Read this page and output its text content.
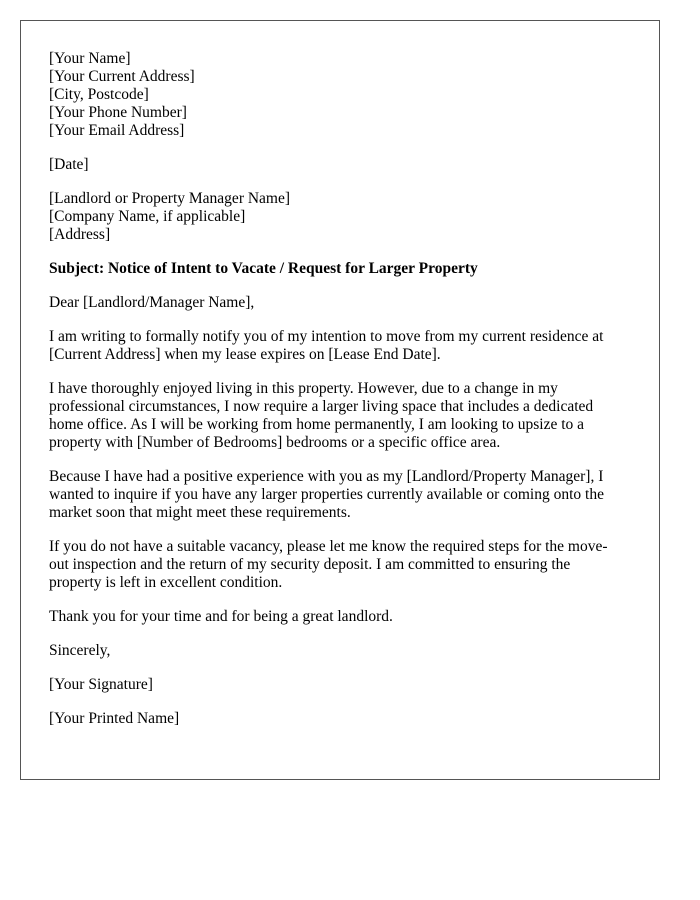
[Your Name]
[Your Current Address]
[City, Postcode]
[Your Phone Number]
[Your Email Address]
[Date]
[Landlord or Property Manager Name]
[Company Name, if applicable]
[Address]
Subject: Notice of Intent to Vacate / Request for Larger Property
Dear [Landlord/Manager Name],
I am writing to formally notify you of my intention to move from my current residence at
[Current Address] when my lease expires on [Lease End Date].
I have thoroughly enjoyed living in this property. However, due to a change in my
professional circumstances, I now require a larger living space that includes a dedicated
home office. As I will be working from home permanently, I am looking to upsize to a
property with [Number of Bedrooms] bedrooms or a specific office area.
Because I have had a positive experience with you as my [Landlord/Property Manager], I
wanted to inquire if you have any larger properties currently available or coming onto the
market soon that might meet these requirements.
If you do not have a suitable vacancy, please let me know the required steps for the move-
out inspection and the return of my security deposit. I am committed to ensuring the
property is left in excellent condition.
Thank you for your time and for being a great landlord.
Sincerely,
[Your Signature]
[Your Printed Name]
